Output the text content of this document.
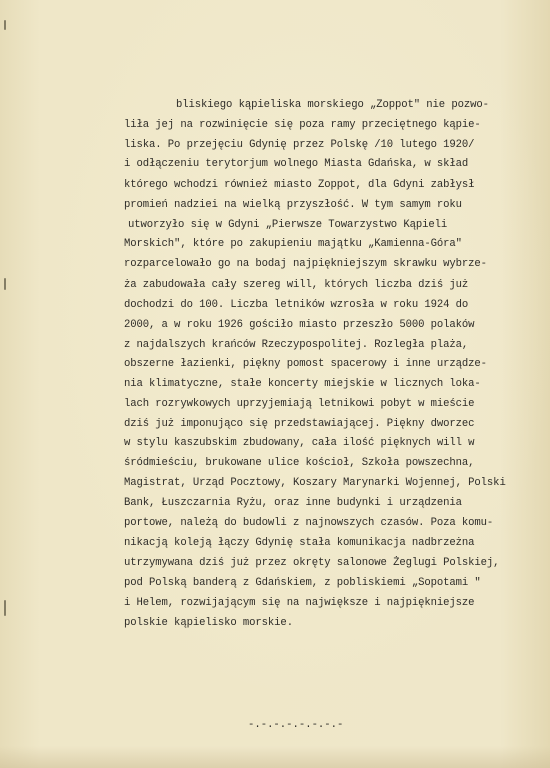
bliskiego kąpieliska morskiego „Zoppot" nie pozwo-
liła jej na rozwinięcie się poza ramy przeciętnego kąpie-
liska. Po przejęciu Gdynię przez Polskę /10 lutego 1920/
i odłączeniu terytorjum wolnego Miasta Gdańska, w skład
którego wchodzi również miasto Zoppot, dla Gdyni zabłysł
promień nadziei na wielką przyszłość. W tym samym roku
utworzyło się w Gdyni „Pierwsze Towarzystwo Kąpieli
Morskich", które po zakupieniu majątku „Kamienna-Góra"
rozparcelowało go na bodaj najpiękniejszym skrawku wybrze-
ża zabudowała cały szereg will, których liczba dziś już
dochodzi do 100. Liczba letników wzrosła w roku 1924 do
2000, a w roku 1926 gościło miasto przeszło 5000 polaków
z najdalszych krańców Rzeczypospolitej. Rozległa plaża,
obszerne łazienki, piękny pomost spacerowy i inne urządze-
nia klimatyczne, stałe koncerty miejskie w licznych loka-
lach rozrywkowych uprzyjemiają letnikowi pobyt w mieście
dziś już imponująco się przedstawiającej. Piękny dworzec
w stylu kaszubskim zbudowany, cała ilość pięknych will w
śródmieściu, brukowane ulice kościoł, Szkoła powszechna,
Magistrat, Urząd Pocztowy, Koszary Marynarki Wojennej, Polski
Bank, Łuszczarnia Ryżu, oraz inne budynki i urządzenia
portowe, należą do budowli z najnowszych czasów. Poza komu-
nikacją koleją łączy Gdynię stała komunikacja nadbrzeżna
utrzymywana dziś już przez okręty salonowe Żeglugi Polskiej,
pod Polską banderą z Gdańskiem, z pobliskiemi „Sopotami "
i Helem, rozwijającym się na największe i najpiękniejsze
polskie kąpielisko morskie.
-.-.-.-.-.-.-.-
